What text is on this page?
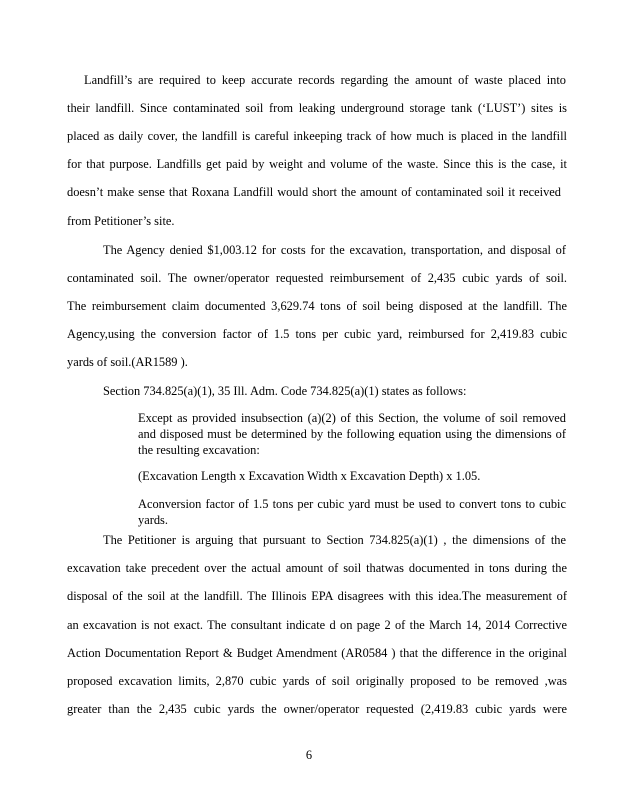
Landfill’s are required to keep accurate records regarding the amount of waste placed into
their landfill. Since contaminated soil from leaking underground storage tank (‘LUST’) sites is
placed as daily cover, the landfill is careful inkeeping track of how much is placed in the landfill
for that purpose. Landfills get paid by weight and volume of the waste. Since this is the case, it
doesn’t make sense that Roxana Landfill would short the amount of contaminated soil it received
from Petitioner’s site.
The Agency denied $1,003.12 for costs for the excavation, transportation, and disposal of
contaminated soil. The owner/operator requested reimbursement of 2,435 cubic yards of soil.
The reimbursement claim documented 3,629.74 tons of soil being disposed at the landfill. The
Agency,using the conversion factor of 1.5 tons per cubic yard, reimbursed for 2,419.83 cubic
yards of soil.(AR1589 ).
Section 734.825(a)(1), 35 Ill. Adm. Code 734.825(a)(1) states as follows:

Except as provided insubsection (a)(2) of this Section, the volume of soil removed and disposed must be determined by the following equation using the dimensions of the resulting excavation:

(Excavation Length x Excavation Width x Excavation Depth) x 1.05.

Aconversion factor of 1.5 tons per cubic yard must be used to convert tons to cubic yards.

The Petitioner is arguing that pursuant to Section 734.825(a)(1) , the dimensions of the
excavation take precedent over the actual amount of soil thatwas documented in tons during the
disposal of the soil at the landfill. The Illinois EPA disagrees with this idea.The measurement of
an excavation is not exact. The consultant indicate d on page 2 of the March 14, 2014 Corrective
Action Documentation Report & Budget Amendment (AR0584 ) that the difference in the original
proposed excavation limits, 2,870 cubic yards of soil originally proposed to be removed ,was
greater than the 2,435 cubic yards the owner/operator requested (2,419.83 cubic yards were
6
